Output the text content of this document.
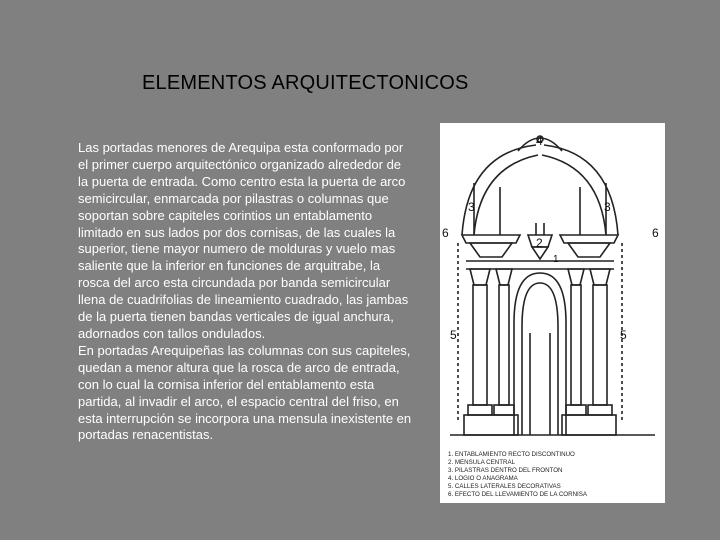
ELEMENTOS ARQUITECTONICOS

Las portadas menores de Arequipa esta conformado por el primer cuerpo arquitectónico organizado alrededor de la puerta de entrada. Como centro esta la puerta de arco semicircular, enmarcada por pilastras o columnas que soportan sobre capiteles corintios un entablamento limitado en sus lados por dos cornisas, de las cuales la superior, tiene mayor numero de molduras y vuelo mas saliente que la inferior en funciones de arquitrabe, la rosca del arco esta circundada por banda semicircular llena de cuadrifolias de lineamiento cuadrado, las jambas de la puerta tienen bandas verticales de igual anchura, adornados con tallos ondulados.

En portadas Arequipeñas las columnas con sus capiteles, quedan a menor altura que la rosca de arco de entrada, con lo cual la cornisa inferior del entablamento esta partida, al invadir el arco, el espacio central del friso, en esta interrupción se incorpora una mensula inexistente en portadas renacentistas.

4
3	3
6	6
2
1
5	5
1. ENTABLAMIENTO RECTO DISCONTINUO
2. MENSULA CENTRAL
3. PILASTRAS DENTRO DEL FRONTON
4. LOGIO O ANAGRAMA
5. CALLES LATERALES DECORATIVAS
6. EFECTO DEL LLEVAMIENTO DE LA CORNISA
